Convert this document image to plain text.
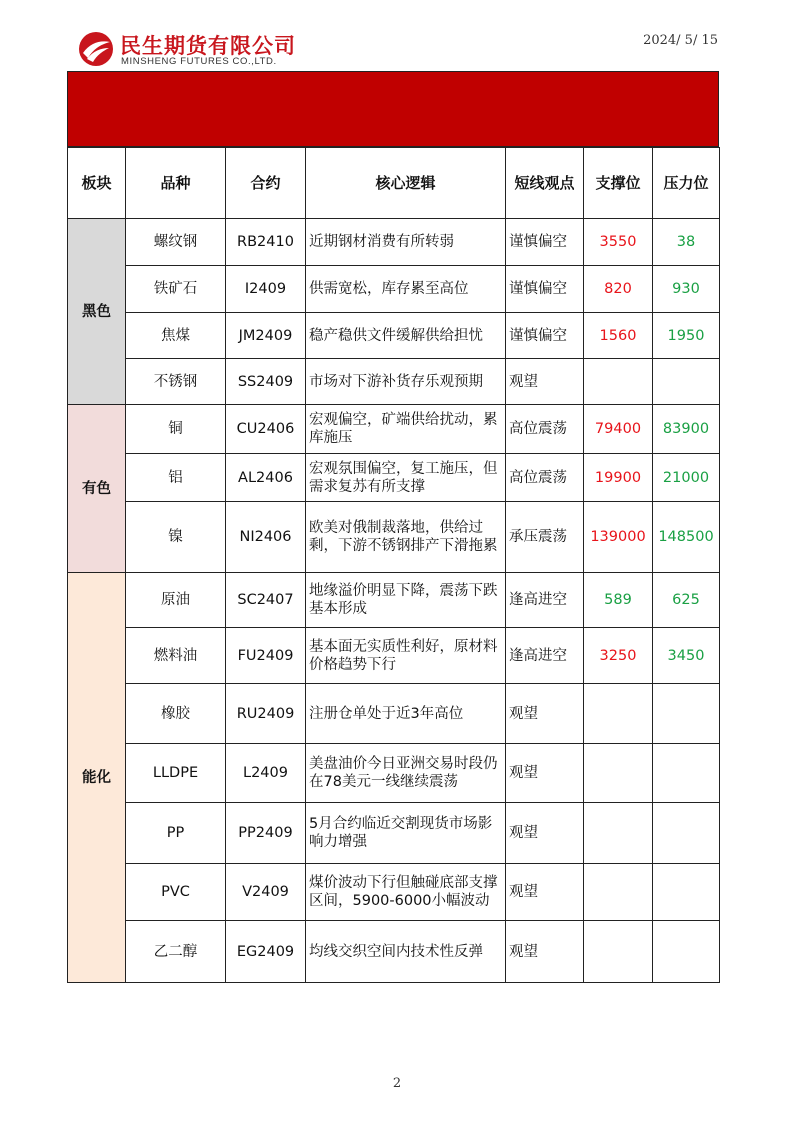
民生期货有限公司
MINSHENG FUTURES CO.,LTD.
2024/ 5/ 15
板块	品种	合约	核心逻辑	短线观点	支撑位	压力位
黑色	螺纹钢	RB2410	近期钢材消费有所转弱	谨慎偏空	3550	38
	铁矿石	I2409	供需宽松，库存累至高位	谨慎偏空	820	930
	焦煤	JM2409	稳产稳供文件缓解供给担忧	谨慎偏空	1560	1950
	不锈钢	SS2409	市场对下游补货存乐观预期	观望		
有色	铜	CU2406	宏观偏空，矿端供给扰动，累库施压	高位震荡	79400	83900
	铝	AL2406	宏观氛围偏空，复工施压，但需求复苏有所支撑	高位震荡	19900	21000
	镍	NI2406	欧美对俄制裁落地，供给过剩，下游不锈钢排产下滑拖累	承压震荡	139000	148500
能化	原油	SC2407	地缘溢价明显下降，震荡下跌基本形成	逢高进空	589	625
	燃料油	FU2409	基本面无实质性利好，原材料价格趋势下行	逢高进空	3250	3450
	橡胶	RU2409	注册仓单处于近3年高位	观望		
	LLDPE	L2409	美盘油价今日亚洲交易时段仍在78美元一线继续震荡	观望		
	PP	PP2409	5月合约临近交割现货市场影响力增强	观望		
	PVC	V2409	煤价波动下行但触碰底部支撑区间，5900-6000小幅波动	观望		
	乙二醇	EG2409	均线交织空间内技术性反弹	观望		
2
